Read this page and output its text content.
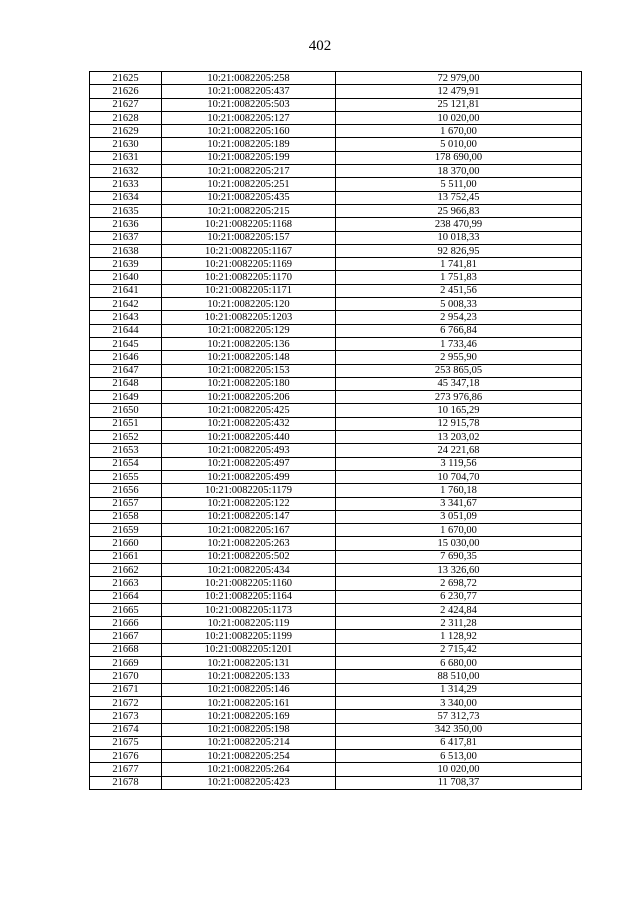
402
21625	10:21:0082205:258	72 979,00
21626	10:21:0082205:437	12 479,91
21627	10:21:0082205:503	25 121,81
21628	10:21:0082205:127	10 020,00
21629	10:21:0082205:160	1 670,00
21630	10:21:0082205:189	5 010,00
21631	10:21:0082205:199	178 690,00
21632	10:21:0082205:217	18 370,00
21633	10:21:0082205:251	5 511,00
21634	10:21:0082205:435	13 752,45
21635	10:21:0082205:215	25 966,83
21636	10:21:0082205:1168	238 470,99
21637	10:21:0082205:157	10 018,33
21638	10:21:0082205:1167	92 826,95
21639	10:21:0082205:1169	1 741,81
21640	10:21:0082205:1170	1 751,83
21641	10:21:0082205:1171	2 451,56
21642	10:21:0082205:120	5 008,33
21643	10:21:0082205:1203	2 954,23
21644	10:21:0082205:129	6 766,84
21645	10:21:0082205:136	1 733,46
21646	10:21:0082205:148	2 955,90
21647	10:21:0082205:153	253 865,05
21648	10:21:0082205:180	45 347,18
21649	10:21:0082205:206	273 976,86
21650	10:21:0082205:425	10 165,29
21651	10:21:0082205:432	12 915,78
21652	10:21:0082205:440	13 203,02
21653	10:21:0082205:493	24 221,68
21654	10:21:0082205:497	3 119,56
21655	10:21:0082205:499	10 704,70
21656	10:21:0082205:1179	1 760,18
21657	10:21:0082205:122	3 341,67
21658	10:21:0082205:147	3 051,09
21659	10:21:0082205:167	1 670,00
21660	10:21:0082205:263	15 030,00
21661	10:21:0082205:502	7 690,35
21662	10:21:0082205:434	13 326,60
21663	10:21:0082205:1160	2 698,72
21664	10:21:0082205:1164	6 230,77
21665	10:21:0082205:1173	2 424,84
21666	10:21:0082205:119	2 311,28
21667	10:21:0082205:1199	1 128,92
21668	10:21:0082205:1201	2 715,42
21669	10:21:0082205:131	6 680,00
21670	10:21:0082205:133	88 510,00
21671	10:21:0082205:146	1 314,29
21672	10:21:0082205:161	3 340,00
21673	10:21:0082205:169	57 312,73
21674	10:21:0082205:198	342 350,00
21675	10:21:0082205:214	6 417,81
21676	10:21:0082205:254	6 513,00
21677	10:21:0082205:264	10 020,00
21678	10:21:0082205:423	11 708,37
